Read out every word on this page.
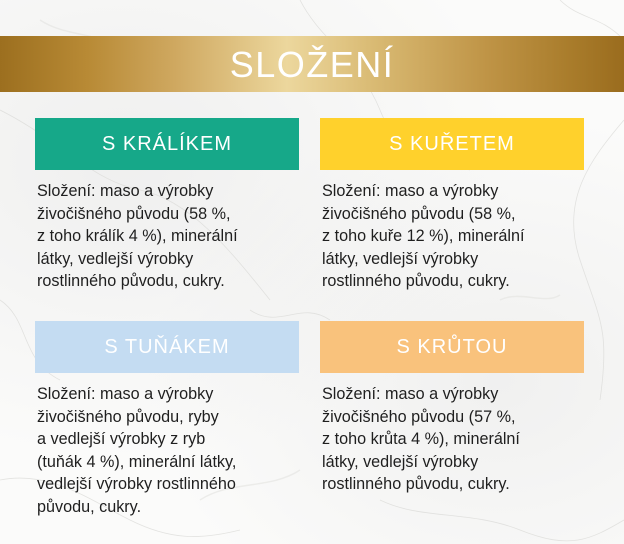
SLOŽENÍ
S KRÁLÍKEM
Složení: maso a výrobky
živočišného původu (58 %,
z toho králík 4 %), minerální
látky, vedlejší výrobky
rostlinného původu, cukry.
S KUŘETEM
Složení: maso a výrobky
živočišného původu (58 %,
z toho kuře 12 %), minerální
látky, vedlejší výrobky
rostlinného původu, cukry.
S TUŇÁKEM
Složení: maso a výrobky
živočišného původu, ryby
a vedlejší výrobky z ryb
(tuňák 4 %), minerální látky,
vedlejší výrobky rostlinného
původu, cukry.
S KRŮTOU
Složení: maso a výrobky
živočišného původu (57 %,
z toho krůta 4 %), minerální
látky, vedlejší výrobky
rostlinného původu, cukry.
